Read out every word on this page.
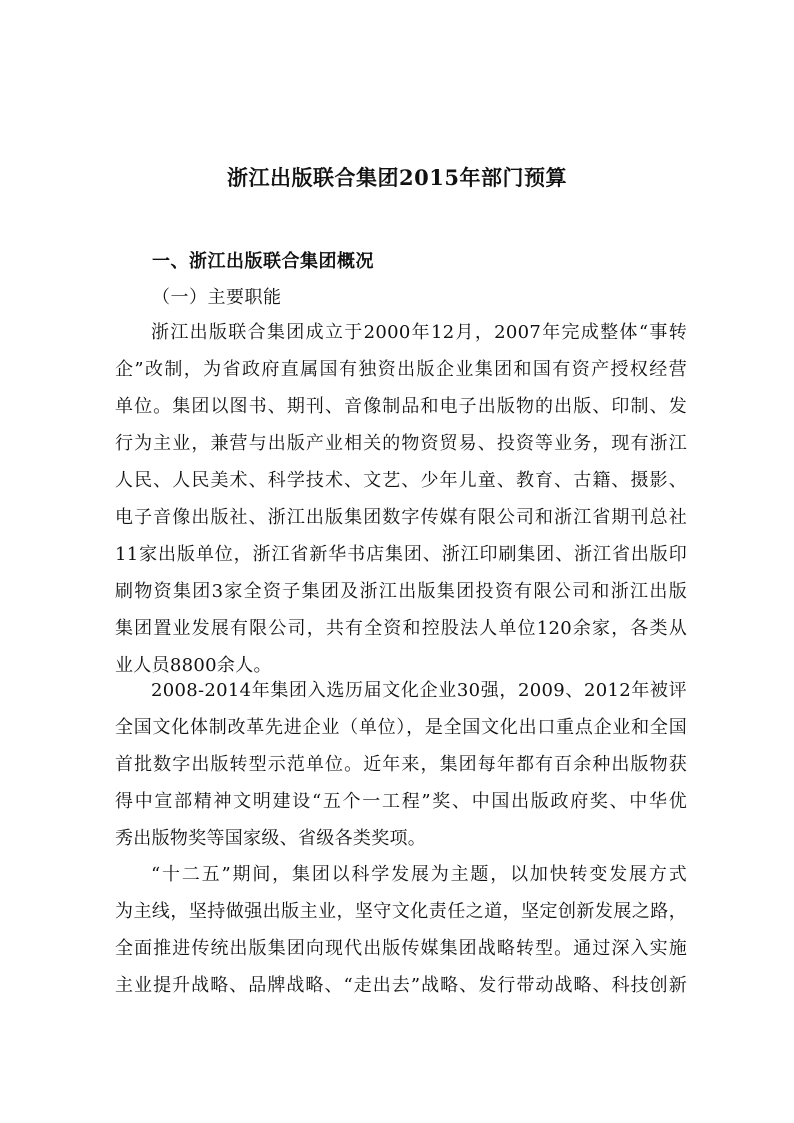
浙江出版联合集团2015年部门预算
一、浙江出版联合集团概况
（一）主要职能
浙江出版联合集团成立于2000年12月，2007年完成整体“事转
企”改制，为省政府直属国有独资出版企业集团和国有资产授权经营
单位。集团以图书、期刊、音像制品和电子出版物的出版、印制、发
行为主业，兼营与出版产业相关的物资贸易、投资等业务，现有浙江
人民、人民美术、科学技术、文艺、少年儿童、教育、古籍、摄影、
电子音像出版社、浙江出版集团数字传媒有限公司和浙江省期刊总社
11家出版单位，浙江省新华书店集团、浙江印刷集团、浙江省出版印
刷物资集团3家全资子集团及浙江出版集团投资有限公司和浙江出版
集团置业发展有限公司，共有全资和控股法人单位120余家，各类从
业人员8800余人。
2008-2014年集团入选历届文化企业30强，2009、2012年被评
全国文化体制改革先进企业（单位），是全国文化出口重点企业和全国
首批数字出版转型示范单位。近年来，集团每年都有百余种出版物获
得中宣部精神文明建设“五个一工程”奖、中国出版政府奖、中华优
秀出版物奖等国家级、省级各类奖项。
“十二五”期间，集团以科学发展为主题，以加快转变发展方式
为主线，坚持做强出版主业，坚守文化责任之道，坚定创新发展之路，
全面推进传统出版集团向现代出版传媒集团战略转型。通过深入实施
主业提升战略、品牌战略、“走出去”战略、发行带动战略、科技创新
